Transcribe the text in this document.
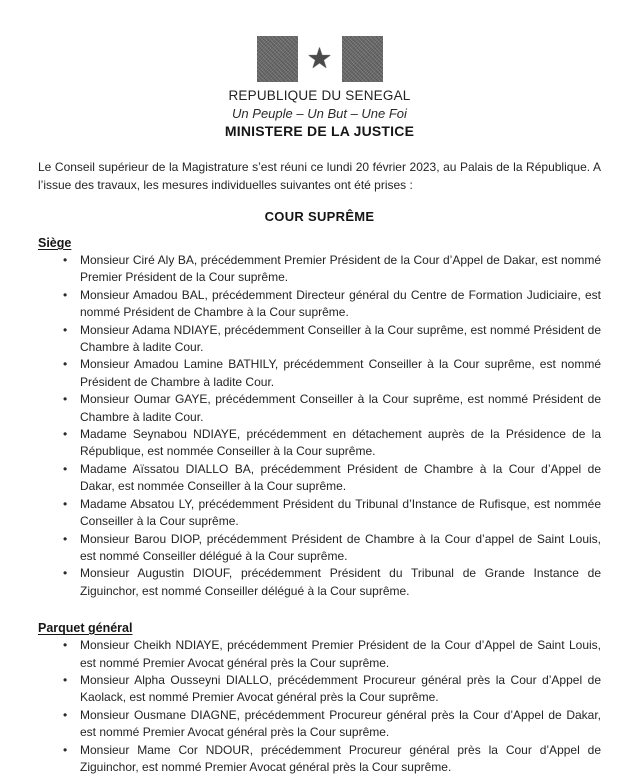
★
REPUBLIQUE DU SENEGAL
Un Peuple – Un But – Une Foi
MINISTERE DE LA JUSTICE

Le Conseil supérieur de la Magistrature s’est réuni ce lundi 20 février 2023, au Palais de la République. A l’issue des travaux, les mesures individuelles suivantes ont été prises :

COUR SUPRÊME
Siège
• Monsieur Ciré Aly BA, précédemment Premier Président de la Cour d’Appel de Dakar, est nommé Premier Président de la Cour suprême.
• Monsieur Amadou BAL, précédemment Directeur général du Centre de Formation Judiciaire, est nommé Président de Chambre à la Cour suprême.
• Monsieur Adama NDIAYE, précédemment Conseiller à la Cour suprême, est nommé Président de Chambre à ladite Cour.
• Monsieur Amadou Lamine BATHILY, précédemment Conseiller à la Cour suprême, est nommé Président de Chambre à ladite Cour.
• Monsieur Oumar GAYE, précédemment Conseiller à la Cour suprême, est nommé Président de Chambre à ladite Cour.
• Madame Seynabou NDIAYE, précédemment en détachement auprès de la Présidence de la République, est nommée Conseiller à la Cour suprême.
• Madame Aïssatou DIALLO BA, précédemment Président de Chambre à la Cour d’Appel de Dakar, est nommée Conseiller à la Cour suprême.
• Madame Absatou LY, précédemment Président du Tribunal d’Instance de Rufisque, est nommée Conseiller à la Cour suprême.
• Monsieur Barou DIOP, précédemment Président de Chambre à la Cour d’appel de Saint Louis, est nommé Conseiller délégué à la Cour suprême.
• Monsieur Augustin DIOUF, précédemment Président du Tribunal de Grande Instance de Ziguinchor, est nommé Conseiller délégué à la Cour suprême.
Parquet général
• Monsieur Cheikh NDIAYE, précédemment Premier Président de la Cour d’Appel de Saint Louis, est nommé Premier Avocat général près la Cour suprême.
• Monsieur Alpha Ousseyni DIALLO, précédemment Procureur général près la Cour d’Appel de Kaolack, est nommé Premier Avocat général près la Cour suprême.
• Monsieur Ousmane DIAGNE, précédemment Procureur général près la Cour d’Appel de Dakar, est nommé Premier Avocat général près la Cour suprême.
• Monsieur Mame Cor NDOUR, précédemment Procureur général près la Cour d’Appel de Ziguinchor, est nommé Premier Avocat général près la Cour suprême.
